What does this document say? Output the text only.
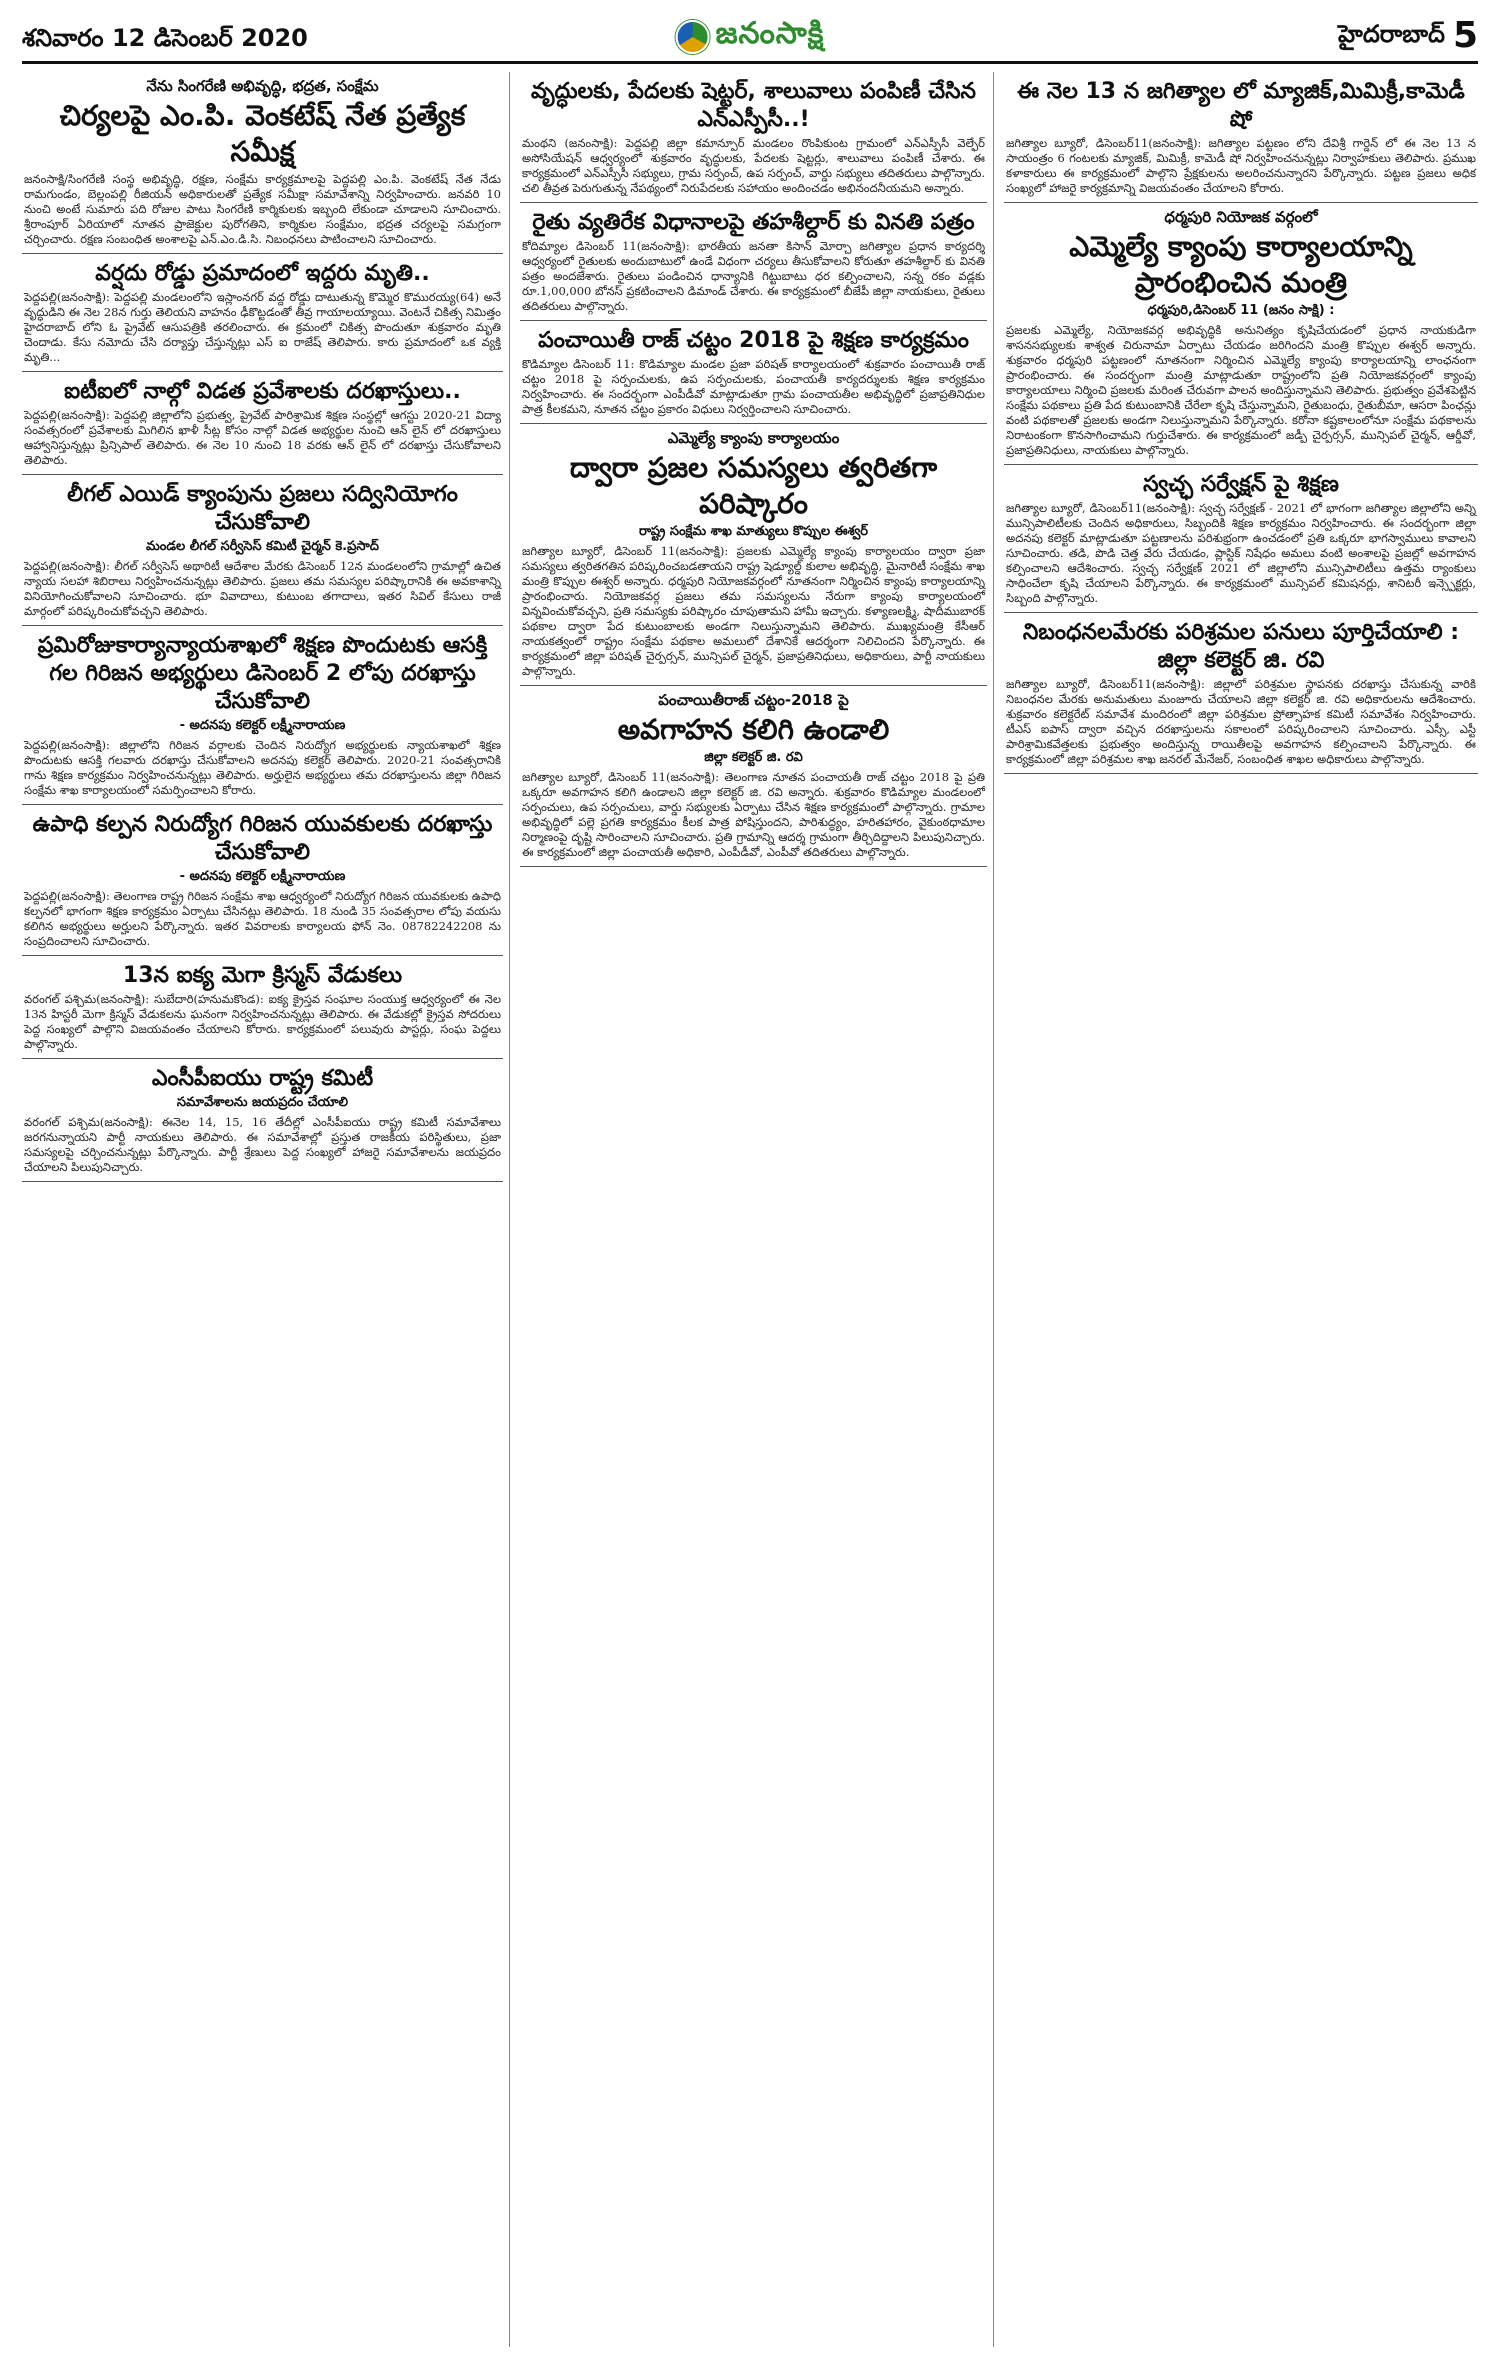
శనివారం 12 డిసెంబర్ 2020	జనంసాక్షి	హైదరాబాద్ 5
నేను సింగరేణి అభివృద్ధి, భద్రత, సంక్షేమ
చిర్యలపై ఎం.పి. వెంకటేష్ నేత ప్రత్యేక సమీక్ష
జనంసాక్షి/సింగరేణి సంస్థ అభివృద్ధి, రక్షణ, సంక్షేమ కార్యక్రమాలపై పెద్దపల్లి ఎం.పి. వెంకటేష్ నేత నేడు రామగుండం, బెల్లంపల్లి రీజియన్ అధికారులతో ప్రత్యేక సమీక్షా సమావేశాన్ని నిర్వహించారు. జనవరి 10 నుంచి అంటే సుమారు పది రోజుల పాటు సింగరేణి కార్మికులకు ఇబ్బంది లేకుండా చూడాలని సూచించారు. శ్రీరాంపూర్ ఏరియాలో నూతన ప్రాజెక్టుల పురోగతిని, కార్మికుల సంక్షేమం, భద్రత చర్యలపై సమగ్రంగా చర్చించారు. రక్షణ సంబంధిత అంశాలపై ఎన్.ఎం.డి.సి. నిబంధనలు పాటించాలని సూచించారు.
వర్షదు రోడ్డు ప్రమాదంలో ఇద్దరు మృతి..
పెద్దపల్లి(జనంసాక్షి): పెద్దపల్లి మండలంలోని ఇస్లాంనగర్ వద్ద రోడ్డు దాటుతున్న కొమ్మెర కొమురయ్య(64) అనే వృద్ధుడిని ఈ నెల 28న గుర్తు తెలియని వాహనం ఢీకొట్టడంతో తీవ్ర గాయాలయ్యాయి. వెంటనే చికిత్స నిమిత్తం హైదరాబాద్ లోని ఓ ప్రైవేట్ ఆసుపత్రికి తరలించారు. ఈ క్రమంలో చికిత్స పొందుతూ శుక్రవారం మృతి చెందాడు. కేసు నమోదు చేసి దర్యాప్తు చేస్తున్నట్లు ఎస్ ఐ రాజేష్ తెలిపారు. కారు ప్రమాదంలో ఒక వ్యక్తి మృతి...
ఐటీఐలో నాల్గో విడత ప్రవేశాలకు దరఖాస్తులు..
పెద్దపల్లి(జనంసాక్షి): పెద్దపల్లి జిల్లాలోని ప్రభుత్వ, ప్రైవేట్ పారిశ్రామిక శిక్షణ సంస్థల్లో ఆగస్టు 2020-21 విద్యా సంవత్సరంలో ప్రవేశాలకు మిగిలిన ఖాళీ సీట్ల కోసం నాల్గో విడత అభ్యర్థుల నుంచి ఆన్ లైన్ లో దరఖాస్తులు ఆహ్వానిస్తున్నట్లు ప్రిన్సిపాల్ తెలిపారు. ఈ నెల 10 నుంచి 18 వరకు ఆన్ లైన్ లో దరఖాస్తు చేసుకోవాలని తెలిపారు.
లీగల్ ఎయిడ్ క్యాంపును ప్రజలు సద్వినియోగం చేసుకోవాలి
మండల లీగల్ సర్వీసెస్ కమిటీ చైర్మన్ కె.ప్రసాద్
పెద్దపల్లి(జనంసాక్షి): లీగల్ సర్వీసెస్ అథారిటీ ఆదేశాల మేరకు డిసెంబర్ 12న మండలంలోని గ్రామాల్లో ఉచిత న్యాయ సలహా శిబిరాలు నిర్వహించనున్నట్లు తెలిపారు. ప్రజలు తమ సమస్యల పరిష్కారానికి ఈ అవకాశాన్ని వినియోగించుకోవాలని సూచించారు. భూ వివాదాలు, కుటుంబ తగాదాలు, ఇతర సివిల్ కేసులు రాజీ మార్గంలో పరిష్కరించుకోవచ్చని తెలిపారు.
ప్రమిరోజుకార్యాన్యాయశాఖలో శిక్షణ పొందుటకు ఆసక్తి గల గిరిజన అభ్యర్థులు డిసెంబర్ 2 లోపు దరఖాస్తు చేసుకోవాలి
- అదనపు కలెక్టర్ లక్ష్మీనారాయణ
పెద్దపల్లి(జనంసాక్షి): జిల్లాలోని గిరిజన వర్గాలకు చెందిన నిరుద్యోగ అభ్యర్థులకు న్యాయశాఖలో శిక్షణ పొందుటకు ఆసక్తి గలవారు దరఖాస్తు చేసుకోవాలని అదనపు కలెక్టర్ తెలిపారు. 2020-21 సంవత్సరానికి గాను శిక్షణ కార్యక్రమం నిర్వహించనున్నట్లు తెలిపారు. అర్హులైన అభ్యర్థులు తమ దరఖాస్తులను జిల్లా గిరిజన సంక్షేమ శాఖ కార్యాలయంలో సమర్పించాలని కోరారు.
ఉపాధి కల్పన నిరుద్యోగ గిరిజన యువకులకు దరఖాస్తు చేసుకోవాలి
- అదనపు కలెక్టర్ లక్ష్మీనారాయణ
పెద్దపల్లి(జనంసాక్షి): తెలంగాణ రాష్ట్ర గిరిజన సంక్షేమ శాఖ ఆధ్వర్యంలో నిరుద్యోగ గిరిజన యువకులకు ఉపాధి కల్పనలో భాగంగా శిక్షణ కార్యక్రమం ఏర్పాటు చేసినట్లు తెలిపారు. 18 నుండి 35 సంవత్సరాల లోపు వయసు కలిగిన అభ్యర్థులు అర్హులని పేర్కొన్నారు. ఇతర వివరాలకు కార్యాలయ ఫోన్ నెం. 08782242208 ను సంప్రదించాలని సూచించారు.
13న ఐక్య మెగా క్రిస్మస్ వేడుకలు
వరంగల్ పశ్చిమ(జనంసాక్షి): సుబేదారి(హనుమకొండ): ఐక్య క్రైస్తవ సంఘాల సంయుక్త ఆధ్వర్యంలో ఈ నెల 13న హిస్టరీ మెగా క్రిస్మస్ వేడుకలను ఘనంగా నిర్వహించనున్నట్లు తెలిపారు. ఈ వేడుకల్లో క్రైస్తవ సోదరులు పెద్ద సంఖ్యలో పాల్గొని విజయవంతం చేయాలని కోరారు. కార్యక్రమంలో పలువురు పాస్టర్లు, సంఘ పెద్దలు పాల్గొన్నారు.
ఎంసీపీఐయు రాష్ట్ర కమిటీ
సమావేశాలను జయప్రదం చేయాలి
వరంగల్ పశ్చిమ(జనంసాక్షి): ఈనెల 14, 15, 16 తేదీల్లో ఎంసీపీఐయు రాష్ట్ర కమిటీ సమావేశాలు జరగనున్నాయని పార్టీ నాయకులు తెలిపారు. ఈ సమావేశాల్లో ప్రస్తుత రాజకీయ పరిస్థితులు, ప్రజా సమస్యలపై చర్చించనున్నట్లు పేర్కొన్నారు. పార్టీ శ్రేణులు పెద్ద సంఖ్యలో హాజరై సమావేశాలను జయప్రదం చేయాలని పిలుపునిచ్చారు.
వృద్ధులకు, పేదలకు షెట్టర్, శాలువాలు పంపిణీ చేసిన ఎన్ఎస్పీసీ..!
మంథని (జనంసాక్షి): పెద్దపల్లి జిల్లా కమాన్పూర్ మండలం రొంపికుంట గ్రామంలో ఎన్ఎస్పీసీ వెల్ఫేర్ అసోసియేషన్ ఆధ్వర్యంలో శుక్రవారం వృద్ధులకు, పేదలకు షెట్టర్లు, శాలువాలు పంపిణీ చేశారు. ఈ కార్యక్రమంలో ఎన్ఎస్పీసీ సభ్యులు, గ్రామ సర్పంచ్, ఉప సర్పంచ్, వార్డు సభ్యులు తదితరులు పాల్గొన్నారు. చలి తీవ్రత పెరుగుతున్న నేపథ్యంలో నిరుపేదలకు సహాయం అందించడం అభినందనీయమని అన్నారు.
రైతు వ్యతిరేక విధానాలపై తహశీల్దార్ కు వినతి పత్రం
కోదిమ్యాల డిసెంబర్ 11(జనంసాక్షి): భారతీయ జనతా కిసాన్ మోర్చా జగిత్యాల ప్రధాన కార్యదర్శి ఆధ్వర్యంలో రైతులకు అందుబాటులో ఉండే విధంగా చర్యలు తీసుకోవాలని కోరుతూ తహశీల్దార్ కు వినతి పత్రం అందజేశారు. రైతులు పండించిన ధాన్యానికి గిట్టుబాటు ధర కల్పించాలని, సన్న రకం వడ్లకు రూ.1,00,000 బోనస్ ప్రకటించాలని డిమాండ్ చేశారు. ఈ కార్యక్రమంలో బీజేపీ జిల్లా నాయకులు, రైతులు తదితరులు పాల్గొన్నారు.
పంచాయితీ రాజ్ చట్టం 2018 పై శిక్షణ కార్యక్రమం
కొడిమ్యాల డిసెంబర్ 11: కొడిమ్యాల మండల ప్రజా పరిషత్ కార్యాలయంలో శుక్రవారం పంచాయితీ రాజ్ చట్టం 2018 పై సర్పంచులకు, ఉప సర్పంచులకు, పంచాయతీ కార్యదర్శులకు శిక్షణ కార్యక్రమం నిర్వహించారు. ఈ సందర్భంగా ఎంపీడీవో మాట్లాడుతూ గ్రామ పంచాయతీల అభివృద్ధిలో ప్రజాప్రతినిధుల పాత్ర కీలకమని, నూతన చట్టం ప్రకారం విధులు నిర్వర్తించాలని సూచించారు.
ఎమ్మెల్యే క్యాంపు కార్యాలయం
ద్వారా ప్రజల సమస్యలు త్వరితగా పరిష్కారం
రాష్ట్ర సంక్షేమ శాఖ మాత్యులు కొప్పుల ఈశ్వర్
జగిత్యాల బ్యూరో, డిసెంబర్ 11(జనంసాక్షి): ప్రజలకు ఎమ్మెల్యే క్యాంపు కార్యాలయం ద్వారా ప్రజా సమస్యలు త్వరితగతిన పరిష్కరించబడతాయని రాష్ట్ర షెడ్యూల్డ్ కులాల అభివృద్ధి, మైనారిటీ సంక్షేమ శాఖ మంత్రి కొప్పుల ఈశ్వర్ అన్నారు. ధర్మపురి నియోజకవర్గంలో నూతనంగా నిర్మించిన క్యాంపు కార్యాలయాన్ని ప్రారంభించారు. నియోజకవర్గ ప్రజలు తమ సమస్యలను నేరుగా క్యాంపు కార్యాలయంలో విన్నవించుకోవచ్చని, ప్రతి సమస్యకు పరిష్కారం చూపుతామని హామీ ఇచ్చారు. కళ్యాణలక్ష్మి, షాదీముబారక్ పథకాల ద్వారా పేద కుటుంబాలకు అండగా నిలుస్తున్నామని తెలిపారు. ముఖ్యమంత్రి కేసీఆర్ నాయకత్వంలో రాష్ట్రం సంక్షేమ పథకాల అమలులో దేశానికే ఆదర్శంగా నిలిచిందని పేర్కొన్నారు. ఈ కార్యక్రమంలో జిల్లా పరిషత్ చైర్పర్సన్, మున్సిపల్ చైర్మన్, ప్రజాప్రతినిధులు, అధికారులు, పార్టీ నాయకులు పాల్గొన్నారు.
పంచాయితీరాజ్ చట్టం-2018 పై
అవగాహన కలిగి ఉండాలి
జిల్లా కలెక్టర్ జి. రవి
జగిత్యాల బ్యూరో, డిసెంబర్ 11(జనంసాక్షి): తెలంగాణ నూతన పంచాయతీ రాజ్ చట్టం 2018 పై ప్రతి ఒక్కరూ అవగాహన కలిగి ఉండాలని జిల్లా కలెక్టర్ జి. రవి అన్నారు. శుక్రవారం కొడిమ్యాల మండలంలో సర్పంచులు, ఉప సర్పంచులు, వార్డు సభ్యులకు ఏర్పాటు చేసిన శిక్షణ కార్యక్రమంలో పాల్గొన్నారు. గ్రామాల అభివృద్ధిలో పల్లె ప్రగతి కార్యక్రమం కీలక పాత్ర పోషిస్తుందని, పారిశుద్ధ్యం, హరితహారం, వైకుంఠధామాల నిర్మాణంపై దృష్టి సారించాలని సూచించారు. ప్రతి గ్రామాన్ని ఆదర్శ గ్రామంగా తీర్చిదిద్దాలని పిలుపునిచ్చారు. ఈ కార్యక్రమంలో జిల్లా పంచాయతీ అధికారి, ఎంపీడీవో, ఎంపీవో తదితరులు పాల్గొన్నారు.
ఈ నెల 13 న జగిత్యాల లో మ్యాజిక్,మిమిక్రీ,కామెడీ షో
జగిత్యాల బ్యూరో, డిసెంబర్11(జనంసాక్షి): జగిత్యాల పట్టణం లోని దేవిశ్రీ గార్డెన్ లో ఈ నెల 13 న సాయంత్రం 6 గంటలకు మ్యాజిక్, మిమిక్రీ, కామెడీ షో నిర్వహించనున్నట్లు నిర్వాహకులు తెలిపారు. ప్రముఖ కళాకారులు ఈ కార్యక్రమంలో పాల్గొని ప్రేక్షకులను అలరించనున్నారని పేర్కొన్నారు. పట్టణ ప్రజలు అధిక సంఖ్యలో హాజరై కార్యక్రమాన్ని విజయవంతం చేయాలని కోరారు.
ధర్మపురి నియోజక వర్గంలో
ఎమ్మెల్యే క్యాంపు కార్యాలయాన్ని ప్రారంభించిన మంత్రి
ధర్మపురి,డిసెంబర్ 11 (జనం సాక్షి) :
ప్రజలకు ఎమ్మెల్యే, నియోజకవర్గ అభివృద్ధికి అనునిత్యం కృషిచేయడంలో ప్రధాన నాయకుడిగా శాసనసభ్యులకు శాశ్వత చిరునామా ఏర్పాటు చేయడం జరిగిందని మంత్రి కొప్పుల ఈశ్వర్ అన్నారు. శుక్రవారం ధర్మపురి పట్టణంలో నూతనంగా నిర్మించిన ఎమ్మెల్యే క్యాంపు కార్యాలయాన్ని లాంఛనంగా ప్రారంభించారు. ఈ సందర్భంగా మంత్రి మాట్లాడుతూ రాష్ట్రంలోని ప్రతి నియోజకవర్గంలో క్యాంపు కార్యాలయాలు నిర్మించి ప్రజలకు మరింత చేరువగా పాలన అందిస్తున్నామని తెలిపారు. ప్రభుత్వం ప్రవేశపెట్టిన సంక్షేమ పథకాలు ప్రతి పేద కుటుంబానికి చేరేలా కృషి చేస్తున్నామని, రైతుబంధు, రైతుబీమా, ఆసరా పింఛన్లు వంటి పథకాలతో ప్రజలకు అండగా నిలుస్తున్నామని పేర్కొన్నారు. కరోనా కష్టకాలంలోనూ సంక్షేమ పథకాలను నిరాటంకంగా కొనసాగించామని గుర్తుచేశారు. ఈ కార్యక్రమంలో జడ్పీ చైర్పర్సన్, మున్సిపల్ చైర్మన్, ఆర్డీవో, ప్రజాప్రతినిధులు, నాయకులు పాల్గొన్నారు.
స్వచ్ఛ సర్వేక్షన్ పై శిక్షణ
జగిత్యాల బ్యూరో, డిసెంబర్11(జనంసాక్షి): స్వచ్ఛ సర్వేక్షణ్ - 2021 లో భాగంగా జగిత్యాల జిల్లాలోని అన్ని మున్సిపాలిటీలకు చెందిన అధికారులు, సిబ్బందికి శిక్షణ కార్యక్రమం నిర్వహించారు. ఈ సందర్భంగా జిల్లా అదనపు కలెక్టర్ మాట్లాడుతూ పట్టణాలను పరిశుభ్రంగా ఉంచడంలో ప్రతి ఒక్కరూ భాగస్వాములు కావాలని సూచించారు. తడి, పొడి చెత్త వేరు చేయడం, ప్లాస్టిక్ నిషేధం అమలు వంటి అంశాలపై ప్రజల్లో అవగాహన కల్పించాలని ఆదేశించారు. స్వచ్ఛ సర్వేక్షణ్ 2021 లో జిల్లాలోని మున్సిపాలిటీలు ఉత్తమ ర్యాంకులు సాధించేలా కృషి చేయాలని పేర్కొన్నారు. ఈ కార్యక్రమంలో మున్సిపల్ కమిషనర్లు, శానిటరీ ఇన్స్పెక్టర్లు, సిబ్బంది పాల్గొన్నారు.
నిబంధనలమేరకు పరిశ్రమల పనులు పూర్తిచేయాలి : జిల్లా కలెక్టర్ జి. రవి
జగిత్యాల బ్యూరో, డిసెంబర్11(జనంసాక్షి): జిల్లాలో పరిశ్రమల స్థాపనకు దరఖాస్తు చేసుకున్న వారికి నిబంధనల మేరకు అనుమతులు మంజూరు చేయాలని జిల్లా కలెక్టర్ జి. రవి అధికారులను ఆదేశించారు. శుక్రవారం కలెక్టరేట్ సమావేశ మందిరంలో జిల్లా పరిశ్రమల ప్రోత్సాహక కమిటీ సమావేశం నిర్వహించారు. టీఎస్ ఐపాస్ ద్వారా వచ్చిన దరఖాస్తులను సకాలంలో పరిష్కరించాలని సూచించారు. ఎస్సీ, ఎస్టీ పారిశ్రామికవేత్తలకు ప్రభుత్వం అందిస్తున్న రాయితీలపై అవగాహన కల్పించాలని పేర్కొన్నారు. ఈ కార్యక్రమంలో జిల్లా పరిశ్రమల శాఖ జనరల్ మేనేజర్, సంబంధిత శాఖల అధికారులు పాల్గొన్నారు.
